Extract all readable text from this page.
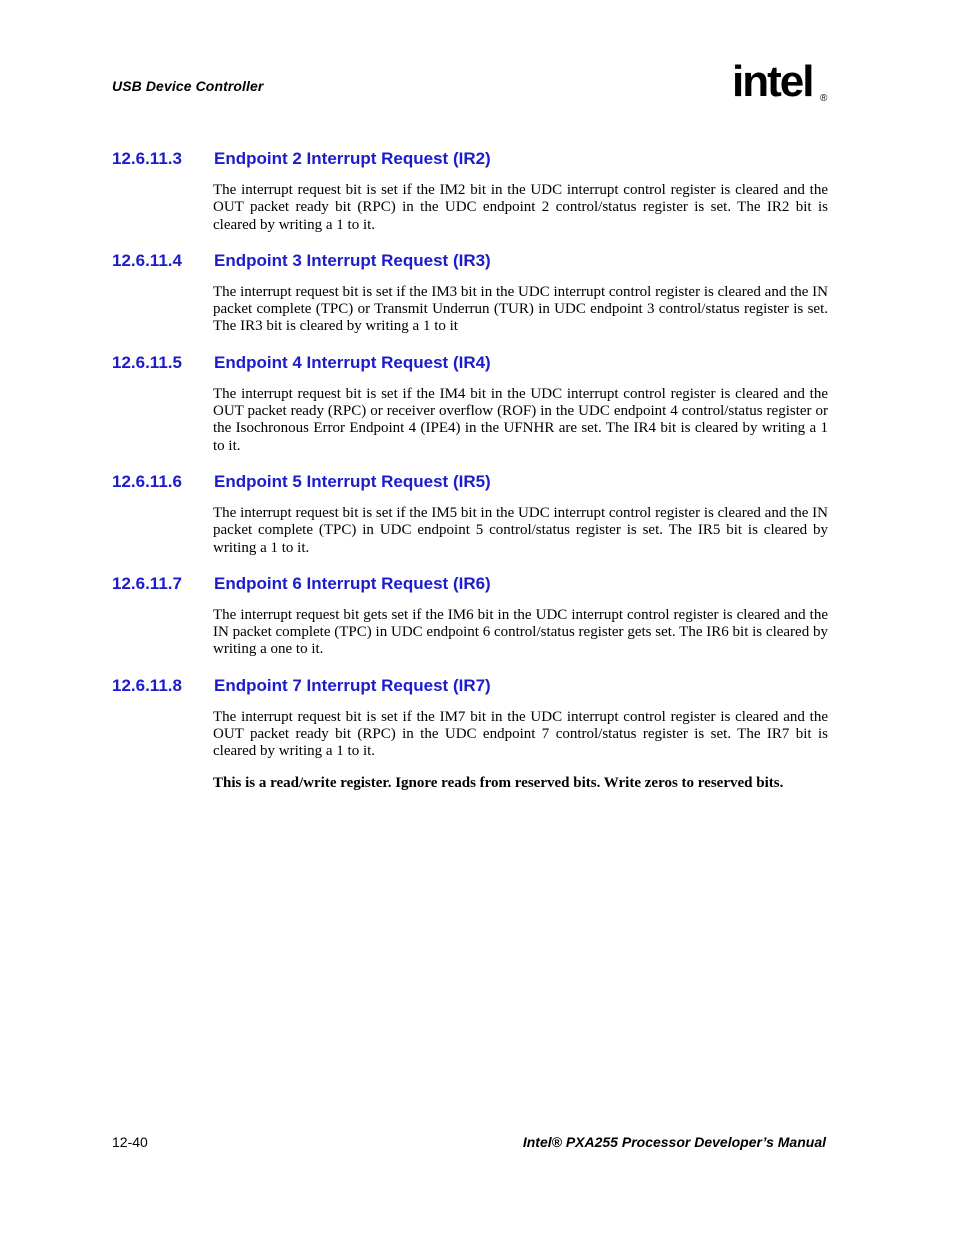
USB Device Controller	intel ®
12.6.11.3	Endpoint 2 Interrupt Request (IR2)

The interrupt request bit is set if the IM2 bit in the UDC interrupt control register is cleared and the OUT packet ready bit (RPC) in the UDC endpoint 2 control/status register is set. The IR2 bit is cleared by writing a 1 to it.

12.6.11.4	Endpoint 3 Interrupt Request (IR3)

The interrupt request bit is set if the IM3 bit in the UDC interrupt control register is cleared and the IN packet complete (TPC) or Transmit Underrun (TUR) in UDC endpoint 3 control/status register is set. The IR3 bit is cleared by writing a 1 to it

12.6.11.5	Endpoint 4 Interrupt Request (IR4)

The interrupt request bit is set if the IM4 bit in the UDC interrupt control register is cleared and the OUT packet ready (RPC) or receiver overflow (ROF) in the UDC endpoint 4 control/status register or the Isochronous Error Endpoint 4 (IPE4) in the UFNHR are set. The IR4 bit is cleared by writing a 1 to it.

12.6.11.6	Endpoint 5 Interrupt Request (IR5)

The interrupt request bit is set if the IM5 bit in the UDC interrupt control register is cleared and the IN packet complete (TPC) in UDC endpoint 5 control/status register is set. The IR5 bit is cleared by writing a 1 to it.

12.6.11.7	Endpoint 6 Interrupt Request (IR6)

The interrupt request bit gets set if the IM6 bit in the UDC interrupt control register is cleared and the IN packet complete (TPC) in UDC endpoint 6 control/status register gets set. The IR6 bit is cleared by writing a one to it.

12.6.11.8	Endpoint 7 Interrupt Request (IR7)

The interrupt request bit is set if the IM7 bit in the UDC interrupt control register is cleared and the OUT packet ready bit (RPC) in the UDC endpoint 7 control/status register is set. The IR7 bit is cleared by writing a 1 to it.

This is a read/write register. Ignore reads from reserved bits. Write zeros to reserved bits.

12-40	Intel® PXA255 Processor Developer’s Manual
